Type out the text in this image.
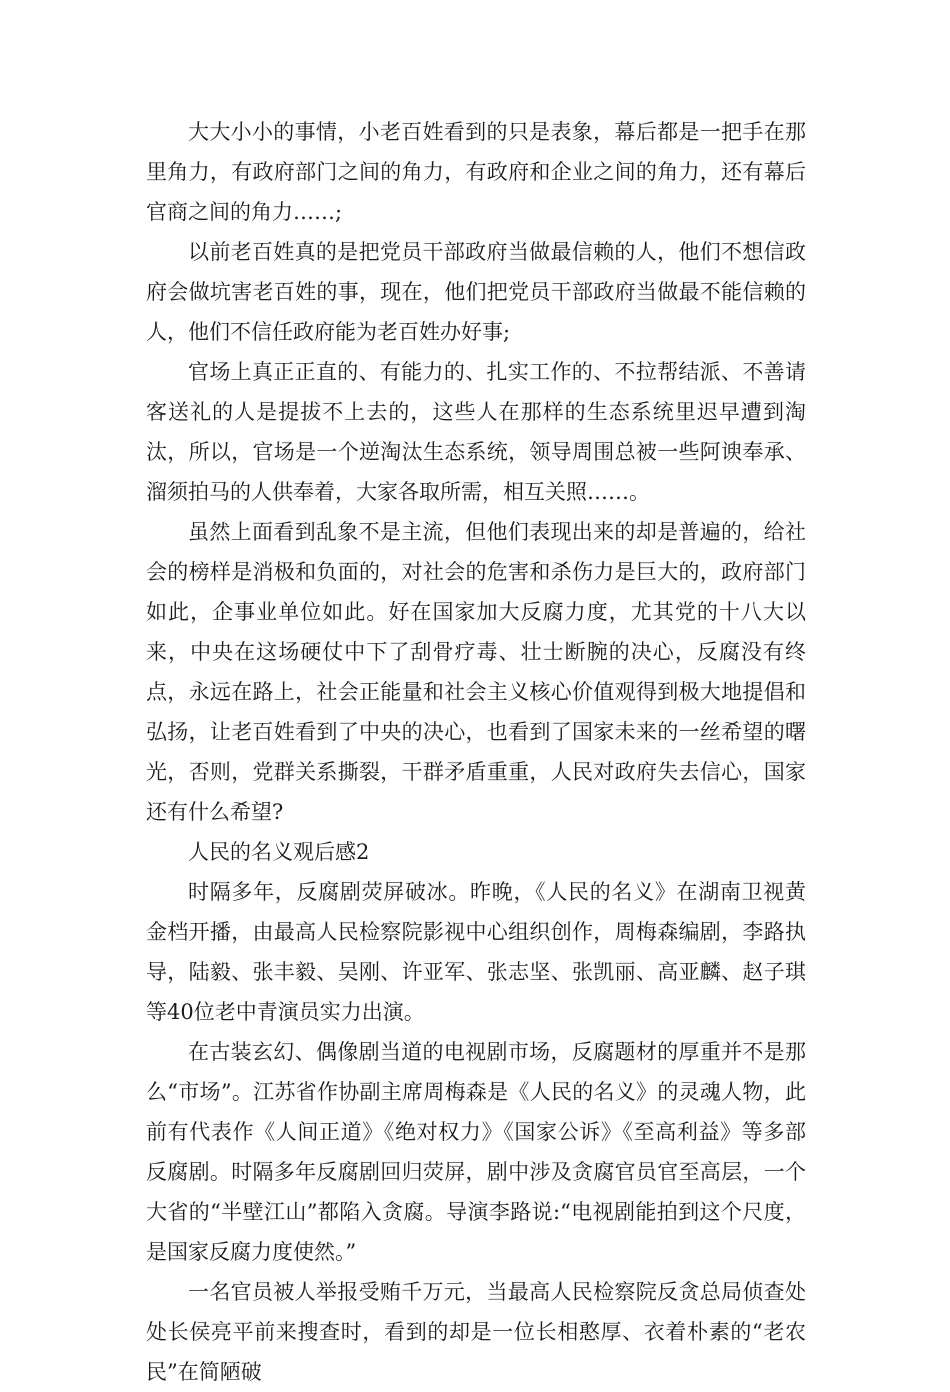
大大小小的事情，小老百姓看到的只是表象，幕后都是一把手在那里角力，有政府部门之间的角力，有政府和企业之间的角力，还有幕后官商之间的角力……;

以前老百姓真的是把党员干部政府当做最信赖的人，他们不想信政府会做坑害老百姓的事，现在，他们把党员干部政府当做最不能信赖的人，他们不信任政府能为老百姓办好事;

官场上真正正直的、有能力的、扎实工作的、不拉帮结派、不善请客送礼的人是提拔不上去的，这些人在那样的生态系统里迟早遭到淘汰，所以，官场是一个逆淘汰生态系统，领导周围总被一些阿谀奉承、溜须拍马的人供奉着，大家各取所需，相互关照……。

虽然上面看到乱象不是主流，但他们表现出来的却是普遍的，给社会的榜样是消极和负面的，对社会的危害和杀伤力是巨大的，政府部门如此，企事业单位如此。好在国家加大反腐力度，尤其党的十八大以来，中央在这场硬仗中下了刮骨疗毒、壮士断腕的决心，反腐没有终点，永远在路上，社会正能量和社会主义核心价值观得到极大地提倡和弘扬，让老百姓看到了中央的决心，也看到了国家未来的一丝希望的曙光，否则，党群关系撕裂，干群矛盾重重，人民对政府失去信心，国家还有什么希望?

人民的名义观后感2

时隔多年，反腐剧荧屏破冰。昨晚，《人民的名义》在湖南卫视黄金档开播，由最高人民检察院影视中心组织创作，周梅森编剧，李路执导，陆毅、张丰毅、吴刚、许亚军、张志坚、张凯丽、高亚麟、赵子琪等40位老中青演员实力出演。

在古装玄幻、偶像剧当道的电视剧市场，反腐题材的厚重并不是那么“市场”。江苏省作协副主席周梅森是《人民的名义》的灵魂人物，此前有代表作《人间正道》《绝对权力》《国家公诉》《至高利益》等多部反腐剧。时隔多年反腐剧回归荧屏，剧中涉及贪腐官员官至高层，一个大省的“半壁江山”都陷入贪腐。导演李路说:“电视剧能拍到这个尺度，是国家反腐力度使然。”

一名官员被人举报受贿千万元，当最高人民检察院反贪总局侦查处处长侯亮平前来搜查时，看到的却是一位长相憨厚、衣着朴素的“老农民”在简陋破
